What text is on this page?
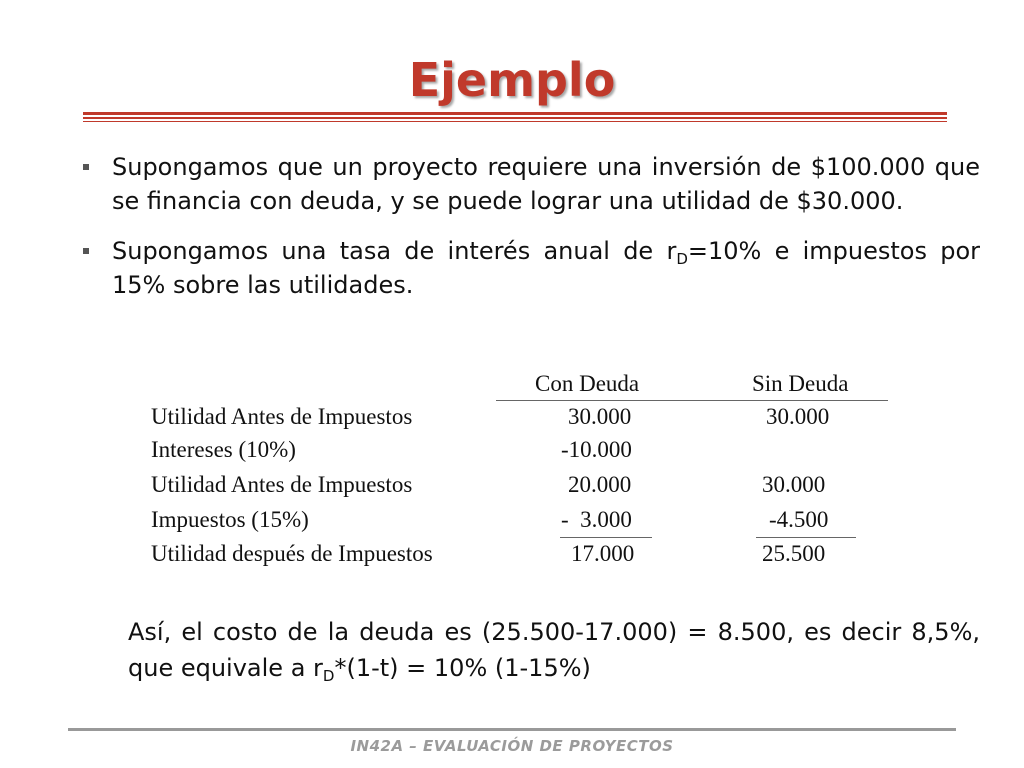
Ejemplo
Supongamos que un proyecto requiere una inversión de $100.000 que se financia con deuda, y se puede lograr una utilidad de $30.000.
Supongamos una tasa de interés anual de $r_D=10\%$ e impuestos por 15% sobre las utilidades.
Con Deuda	Sin Deuda
Utilidad Antes de Impuestos	30.000	30.000
Intereses (10%)	-10.000
Utilidad Antes de Impuestos	20.000	30.000
Impuestos (15%)	-  3.000	-4.500
Utilidad después de Impuestos	17.000	25.500
Así, el costo de la deuda es (25.500-17.000) = 8.500, es decir 8,5%, que equivale a $r_D*(1-t) = 10\%$ (1-15%)
IN42A – EVALUACIÓN DE PROYECTOS
